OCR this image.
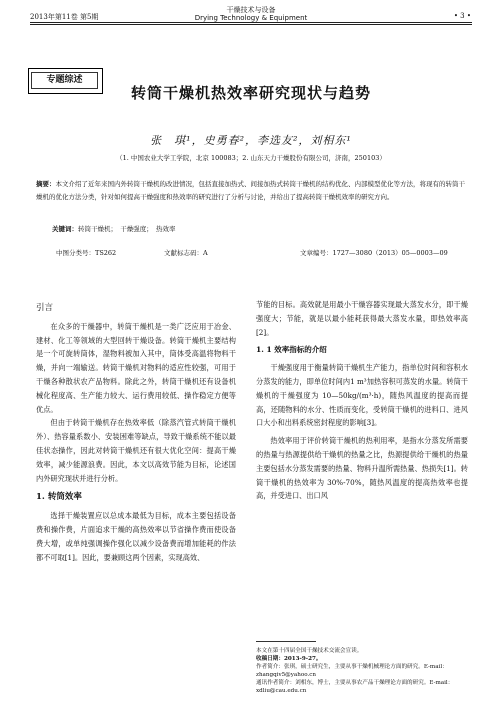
干燥技术与设备
Drying Technology & Equipment
2013年第11卷 第5期	• 3 •
专题综述
转筒干燥机热效率研究现状与趋势
张　琪¹，史勇春²，李选友²，刘相东¹
（1. 中国农业大学工学院，北京 100083；2. 山东天力干燥股份有限公司，济南，250103）
摘要：本文介绍了近年来国内外转筒干燥机的改进情况，包括直接加热式、间接加热式转筒干燥机的结构优化、内部模型优化等方法，将现有的转筒干燥机的优化方法分类，针对如何提高干燥强度和热效率的研究进行了分析与讨论，并给出了提高转筒干燥机效率的研究方向。
关键词：转筒干燥机；　干燥强度；　热效率
中图分类号：TS262	文献标志码：A	文章编号：1727—3080（2013）05—0003—09
引言

在众多的干燥器中，转筒干燥机是一类广泛应用于冶金、建材、化工等领域的大型回转干燥设备。转筒干燥机主要结构是一个可旋转筒体，湿物料被加入其中，筒体受高温将物料干燥，并向一端输送。转筒干燥机对物料的适应性较强，可用于干燥各种散状农产品物料。除此之外，转筒干燥机还有设备机械化程度高、生产能力较大、运行费用较低、操作稳定方便等优点。

但由于转筒干燥机存在热效率低（除蒸汽管式转筒干燥机外）、热容量系数小、安装困难等缺点，导致干燥系统不能以最佳状态操作，因此对转筒干燥机还有很大优化空间：提高干燥效率，减少能源浪费。因此，本文以高效节能为目标，论述国内外研究现状并进行分析。

1. 转筒效率

选择干燥装置应以总成本最低为目标，成本主要包括设备费和操作费，片面追求干燥的高热效率以节省操作费而使设备费大增，或单纯强调操作强化以减少设备费而增加能耗的作法都不可取[1]。因此，要兼顾这两个因素，实现高效、

节能的目标。高效就是用最小干燥容器实现最大蒸发水分，即干燥强度大；节能，就是以最小能耗获得最大蒸发水量，即热效率高[2]。

1. 1 效率指标的介绍

干燥强度用于衡量转筒干燥机生产能力，指单位时间和容积水分蒸发的能力，即单位时间内1 m³加热容积可蒸发的水量。转筒干燥机的干燥强度为 10—50kg/(m³·h)，随热风温度的提高而提高，还随物料的水分、性质而变化，受转筒干燥机的进料口、进风口大小和出料系统密封程度的影响[3]。

热效率用于评价转筒干燥机的热利用率，是指水分蒸发所需要的热量与热源提供给干燥机的热量之比，热源提供给干燥机的热量主要包括水分蒸发需要的热量、物料升温所需热量、热损失[1]。转筒干燥机的热效率为 30%-70%，随热风温度的提高热效率也提高，并受进口、出口风

本文在第十四届全国干燥技术交流会宣读。
收稿日期：2013-9-27。
作者简介：张琪，硕士研究生，主要从事干燥机械理论方面的研究。E-mail：zhangqiv5@yahoo.cn
通讯作者简介：刘相东，博士，主要从事农产品干燥理论方面的研究。E-mail：xdliu@cau.edu.cn
